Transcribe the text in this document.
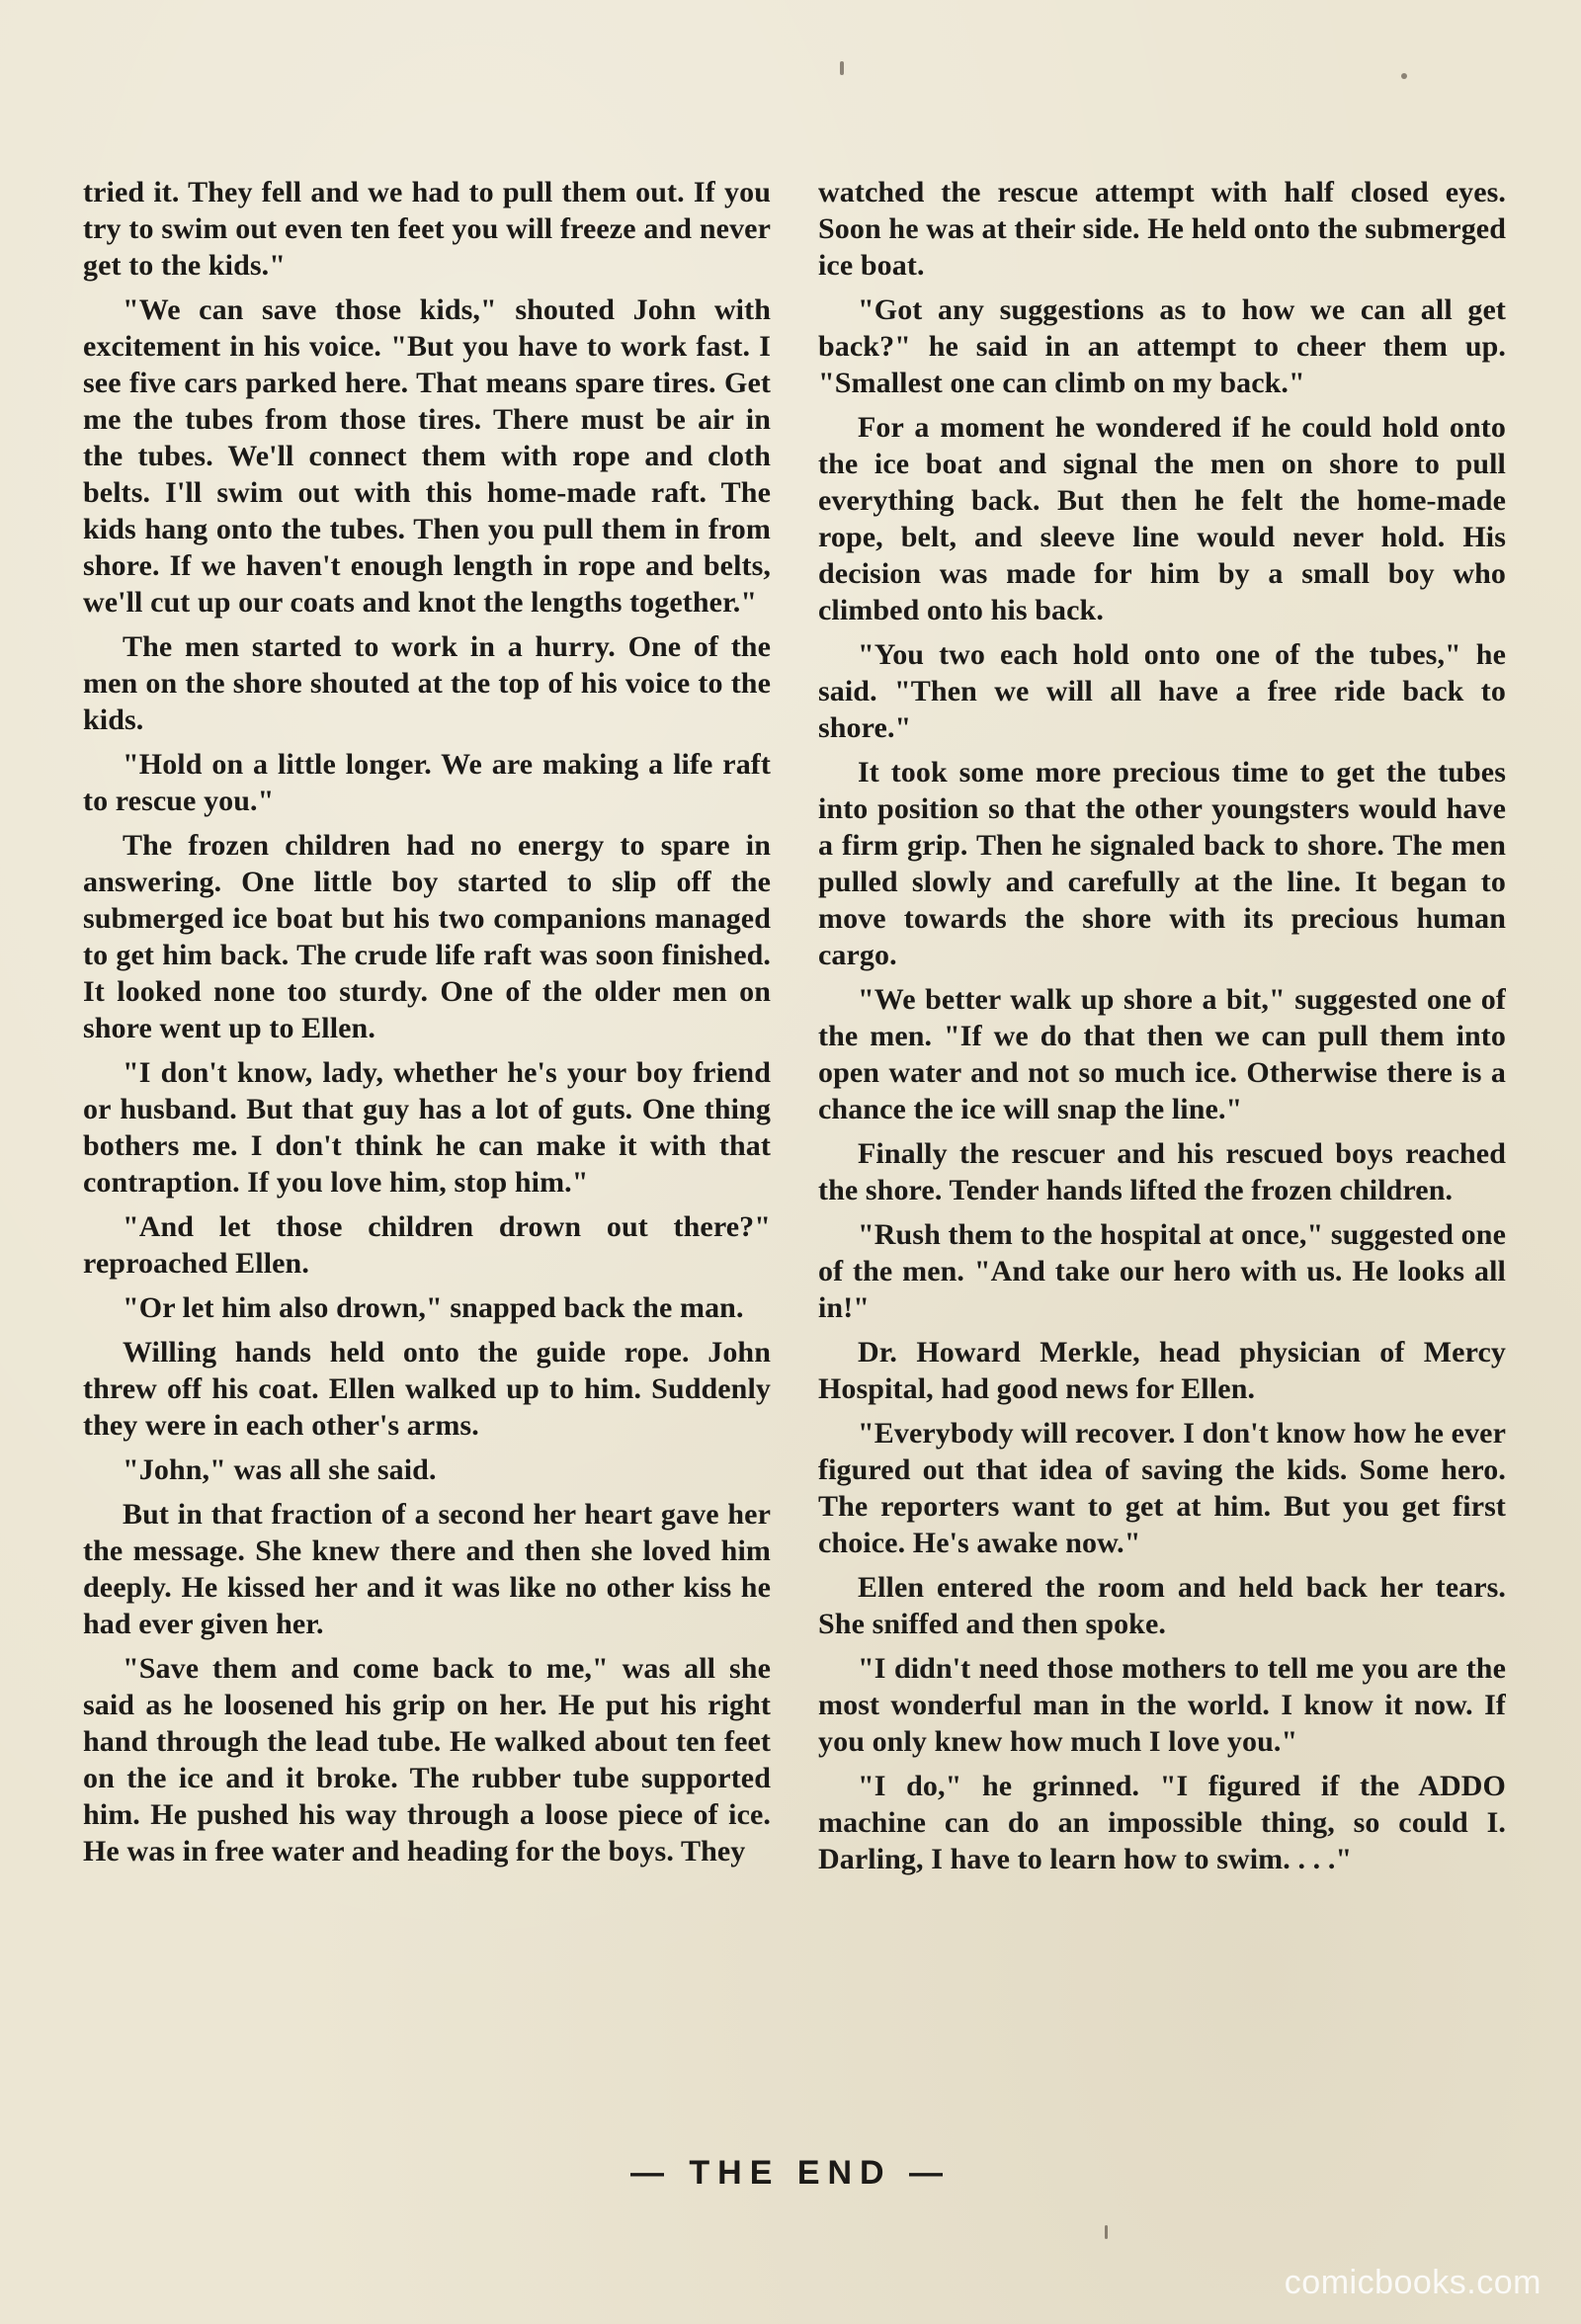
tried it. They fell and we had to pull them out. If you try to swim out even ten feet you will freeze and never get to the kids."

"We can save those kids," shouted John with excitement in his voice. "But you have to work fast. I see five cars parked here. That means spare tires. Get me the tubes from those tires. There must be air in the tubes. We'll connect them with rope and cloth belts. I'll swim out with this home-made raft. The kids hang onto the tubes. Then you pull them in from shore. If we haven't enough length in rope and belts, we'll cut up our coats and knot the lengths together."

The men started to work in a hurry. One of the men on the shore shouted at the top of his voice to the kids.

"Hold on a little longer. We are making a life raft to rescue you."

The frozen children had no energy to spare in answering. One little boy started to slip off the submerged ice boat but his two companions managed to get him back. The crude life raft was soon finished. It looked none too sturdy. One of the older men on shore went up to Ellen.

"I don't know, lady, whether he's your boy friend or husband. But that guy has a lot of guts. One thing bothers me. I don't think he can make it with that contraption. If you love him, stop him."

"And let those children drown out there?" reproached Ellen.

"Or let him also drown," snapped back the man.

Willing hands held onto the guide rope. John threw off his coat. Ellen walked up to him. Suddenly they were in each other's arms.

"John," was all she said.

But in that fraction of a second her heart gave her the message. She knew there and then she loved him deeply. He kissed her and it was like no other kiss he had ever given her.

"Save them and come back to me," was all she said as he loosened his grip on her. He put his right hand through the lead tube. He walked about ten feet on the ice and it broke. The rubber tube supported him. He pushed his way through a loose piece of ice. He was in free water and heading for the boys. They

watched the rescue attempt with half closed eyes. Soon he was at their side. He held onto the submerged ice boat.

"Got any suggestions as to how we can all get back?" he said in an attempt to cheer them up. "Smallest one can climb on my back."

For a moment he wondered if he could hold onto the ice boat and signal the men on shore to pull everything back. But then he felt the home-made rope, belt, and sleeve line would never hold. His decision was made for him by a small boy who climbed onto his back.

"You two each hold onto one of the tubes," he said. "Then we will all have a free ride back to shore."

It took some more precious time to get the tubes into position so that the other youngsters would have a firm grip. Then he signaled back to shore. The men pulled slowly and carefully at the line. It began to move towards the shore with its precious human cargo.

"We better walk up shore a bit," suggested one of the men. "If we do that then we can pull them into open water and not so much ice. Otherwise there is a chance the ice will snap the line."

Finally the rescuer and his rescued boys reached the shore. Tender hands lifted the frozen children.

"Rush them to the hospital at once," suggested one of the men. "And take our hero with us. He looks all in!"

Dr. Howard Merkle, head physician of Mercy Hospital, had good news for Ellen.

"Everybody will recover. I don't know how he ever figured out that idea of saving the kids. Some hero. The reporters want to get at him. But you get first choice. He's awake now."

Ellen entered the room and held back her tears. She sniffed and then spoke.

"I didn't need those mothers to tell me you are the most wonderful man in the world. I know it now. If you only knew how much I love you."

"I do," he grinned. "I figured if the ADDO machine can do an impossible thing, so could I. Darling, I have to learn how to swim. . . ."

— THE END —
comicbooks.com
